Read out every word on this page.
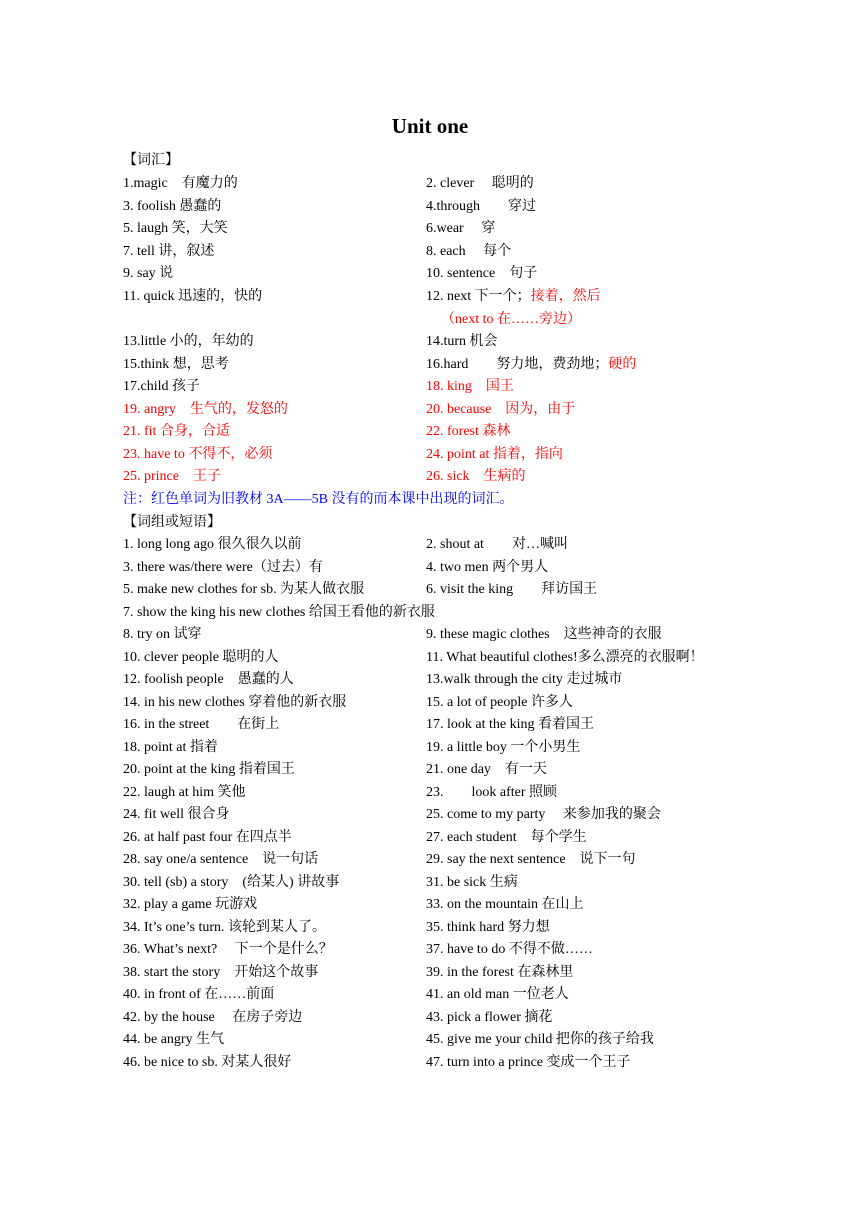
Unit one
【词汇】
1.magic　有魔力的	2. clever　 聪明的
3. foolish 愚蠢的	4.through　　穿过
5. laugh 笑，大笑	6.wear　 穿
7. tell 讲，叙述	8. each　 每个
9. say 说	10. sentence　句子
11. quick 迅速的，快的	12. next 下一个；接着，然后
（next to 在……旁边）
13.little 小的，年幼的	14.turn 机会
15.think 想，思考	16.hard　　努力地，费劲地；硬的
17.child 孩子	18. king　国王
19. angry　生气的，发怒的	20. because　因为，由于
21. fit 合身，合适	22. forest 森林
23. have to 不得不，必须	24. point at 指着，指向
25. prince　王子	26. sick　生病的
注：红色单词为旧教材 3A——5B 没有的而本课中出现的词汇。
【词组或短语】
1. long long ago 很久很久以前	2. shout at　　对…喊叫
3. there was/there were（过去）有	4. two men 两个男人
5. make new clothes for sb. 为某人做衣服	6. visit the king　　拜访国王
7. show the king his new clothes 给国王看他的新衣服
8. try on 试穿	9. these magic clothes　这些神奇的衣服
10. clever people 聪明的人	11. What beautiful clothes!多么漂亮的衣服啊！
12. foolish people　愚蠢的人	13.walk through the city 走过城市
14. in his new clothes 穿着他的新衣服	15. a lot of people 许多人
16. in the street　　在街上	17. look at the king 看着国王
18. point at 指着	19. a little boy 一个小男生
20. point at the king 指着国王	21. one day　有一天
22. laugh at him 笑他	23.　　look after 照顾
24. fit well 很合身	25. come to my party　 来参加我的聚会
26. at half past four 在四点半	27. each student　每个学生
28. say one/a sentence　说一句话	29. say the next sentence　说下一句
30. tell (sb) a story　(给某人) 讲故事	31. be sick 生病
32. play a game 玩游戏	33. on the mountain 在山上
34. It’s one’s turn. 该轮到某人了。	35. think hard 努力想
36. What’s next?　 下一个是什么？	37. have to do 不得不做……
38. start the story　开始这个故事	39. in the forest 在森林里
40. in front of 在……前面	41. an old man 一位老人
42. by the house　 在房子旁边	43. pick a flower 摘花
44. be angry 生气	45. give me your child 把你的孩子给我
46. be nice to sb. 对某人很好	47. turn into a prince 变成一个王子
